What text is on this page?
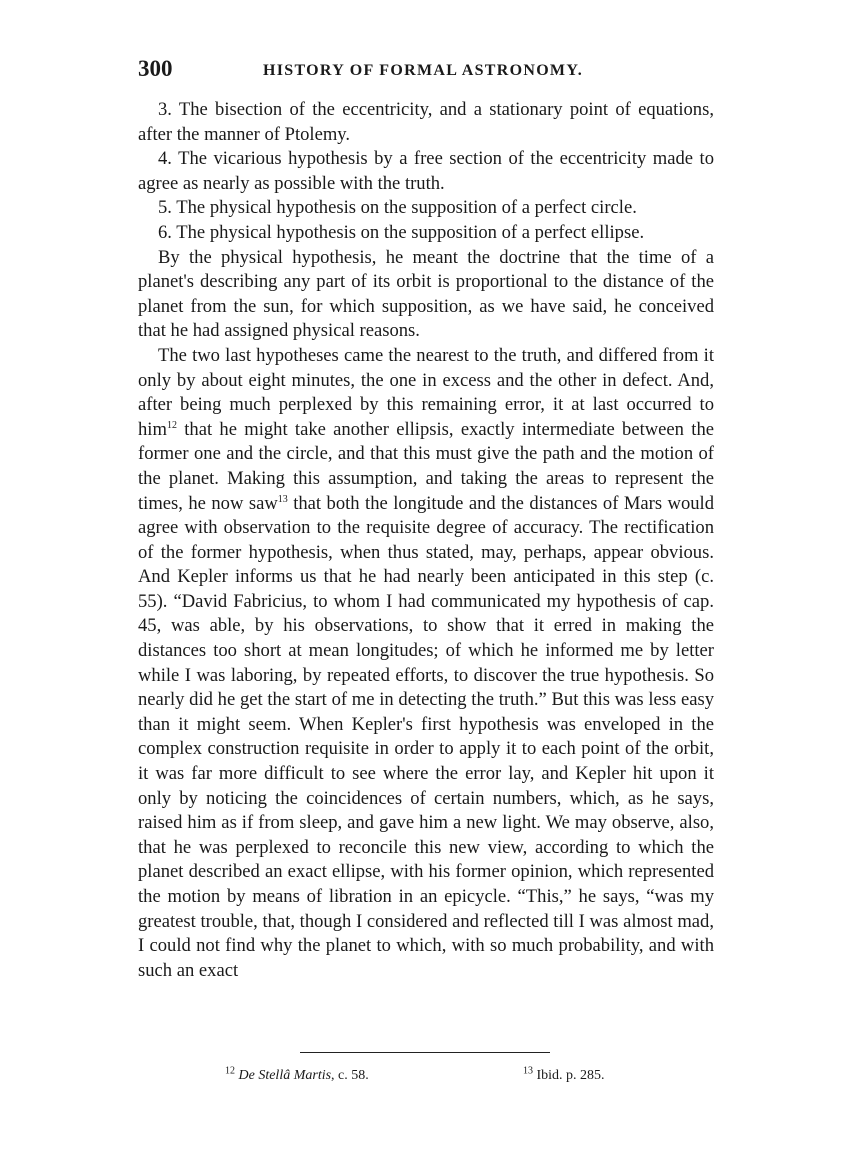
300	HISTORY OF FORMAL ASTRONOMY.

3. The bisection of the eccentricity, and a stationary point of equations, after the manner of Ptolemy.

4. The vicarious hypothesis by a free section of the eccentricity made to agree as nearly as possible with the truth.

5. The physical hypothesis on the supposition of a perfect circle.

6. The physical hypothesis on the supposition of a perfect ellipse.

By the physical hypothesis, he meant the doctrine that the time of a planet's describing any part of its orbit is proportional to the distance of the planet from the sun, for which supposition, as we have said, he conceived that he had assigned physical reasons.

The two last hypotheses came the nearest to the truth, and differed from it only by about eight minutes, the one in excess and the other in defect. And, after being much perplexed by this remaining error, it at last occurred to him$^{12}$ that he might take another ellipsis, exactly intermediate between the former one and the circle, and that this must give the path and the motion of the planet. Making this assumption, and taking the areas to represent the times, he now saw$^{13}$ that both the longitude and the distances of Mars would agree with observation to the requisite degree of accuracy. The rectification of the former hypothesis, when thus stated, may, perhaps, appear obvious. And Kepler informs us that he had nearly been anticipated in this step (c. 55). “David Fabricius, to whom I had communicated my hypothesis of cap. 45, was able, by his observations, to show that it erred in making the distances too short at mean longitudes; of which he informed me by letter while I was laboring, by repeated efforts, to discover the true hypothesis. So nearly did he get the start of me in detecting the truth.” But this was less easy than it might seem. When Kepler's first hypothesis was enveloped in the complex construction requisite in order to apply it to each point of the orbit, it was far more difficult to see where the error lay, and Kepler hit upon it only by noticing the coincidences of certain numbers, which, as he says, raised him as if from sleep, and gave him a new light. We may observe, also, that he was perplexed to reconcile this new view, according to which the planet described an exact ellipse, with his former opinion, which represented the motion by means of libration in an epicycle. “This,” he says, “was my greatest trouble, that, though I considered and reflected till I was almost mad, I could not find why the planet to which, with so much probability, and with such an exact

$^{12}$ De Stellâ Martis, c. 58.	$^{13}$ Ibid. p. 285.
